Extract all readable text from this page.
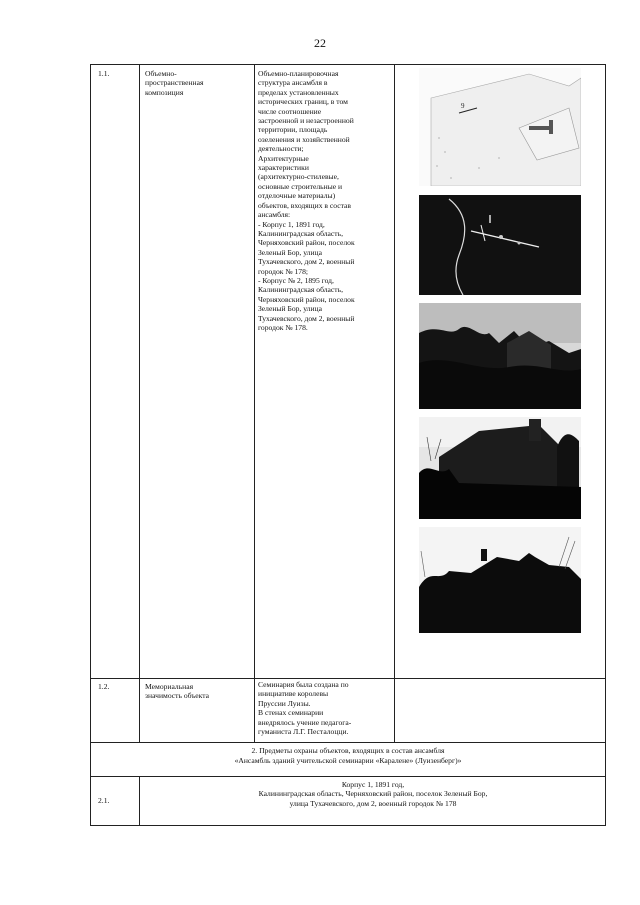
22
1.1.	Объемно-
пространственная
композиция
Объемно-планировочная
структура ансамбля в
пределах установленных
исторических границ, в том
числе соотношение
застроенной и незастроенной
территории, площадь
озеленения и хозяйственной
деятельности;
Архитектурные
характеристики
(архитектурно-стилевые,
основные строительные и
отделочные материалы)
объектов, входящих в состав
ансамбля:
- Корпус 1, 1891 год,
Калининградская область,
Черняховский район, поселок
Зеленый Бор, улица
Тухачевского, дом 2, военный
городок № 178;
- Корпус № 2, 1895 год,
Калининградская область,
Черняховский район, поселок
Зеленый Бор, улица
Тухачевского, дом 2, военный
городок № 178.
9
1.2.	Мемориальная
значимость объекта
Семинария была создана по
инициативе королевы
Пруссии Луизы.
В стенах семинарии
внедрялось учение педагога-
гуманиста Л.Г. Песталоцци.
2. Предметы охраны объектов, входящих в состав ансамбля
«Ансамбль зданий учительской семинарии «Каралене» (Луизенберг)»
2.1.
Корпус 1, 1891 год,
Калининградская область, Черняховский район, поселок Зеленый Бор,
улица Тухачевского, дом 2, военный городок № 178
